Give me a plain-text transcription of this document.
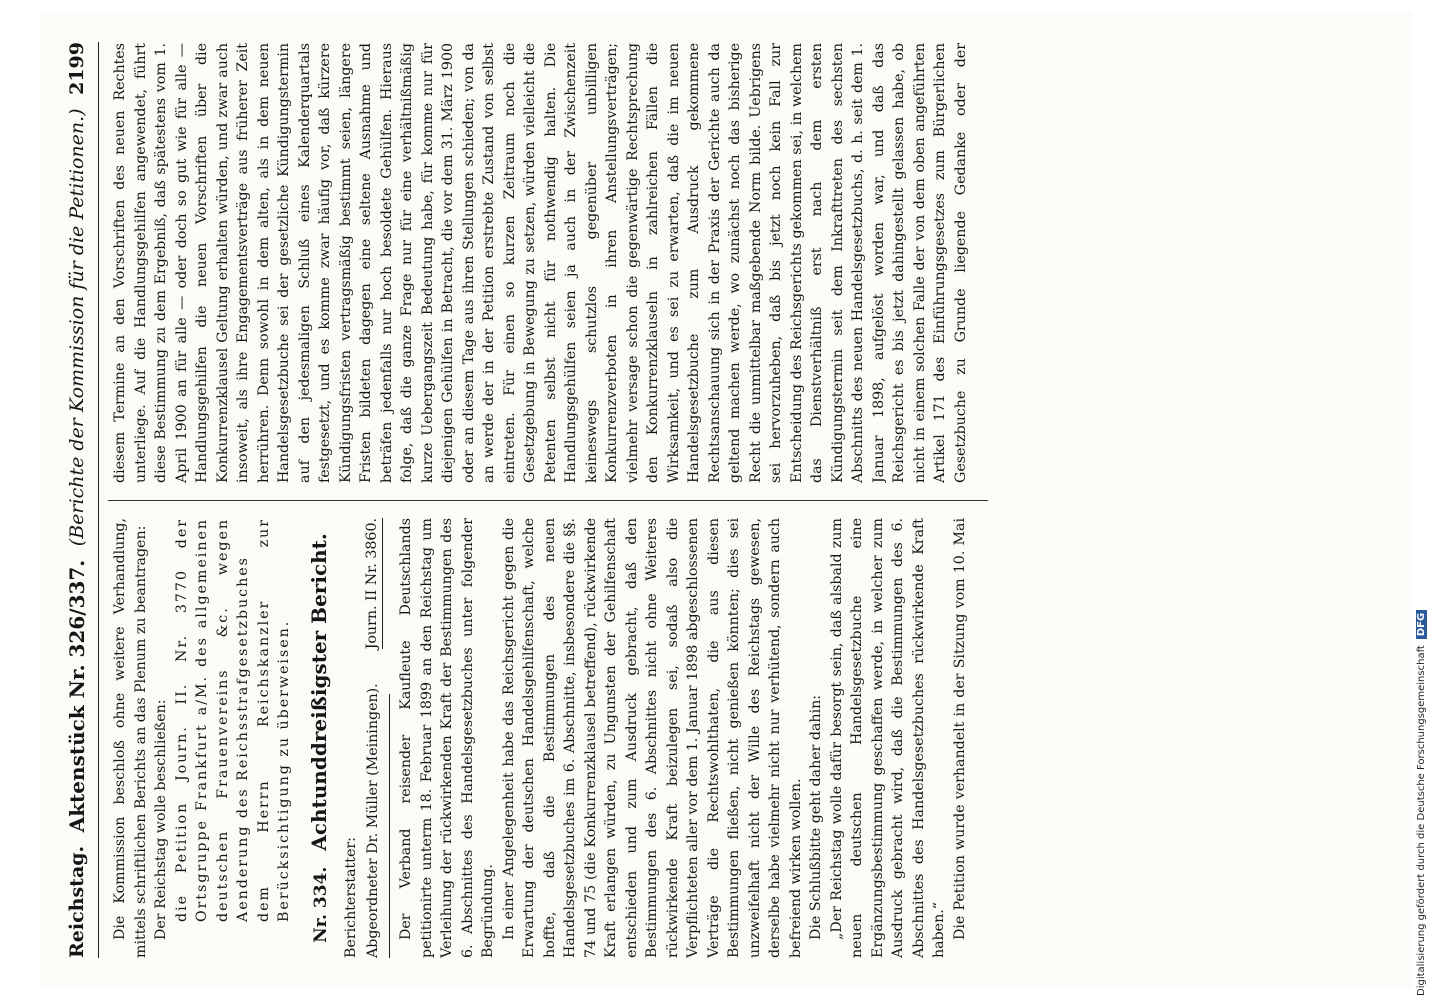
Reichstag.
Aktenstück Nr. 326/337.
(Berichte der Kommission für die Petitionen.)
2199

Die Kommission beschloß ohne weitere Verhandlung, mittels schriftlichen Berichts an das Plenum zu beantragen: Der Reichstag wolle beschließen: die Petition Journ. II. Nr. 3770 der Ortsgruppe Frankfurt a/M. des allgemeinen deutschen Frauenvereins &c. wegen Aenderung des Reichsstrafgesetzbuches dem Herrn Reichskanzler zur Berücksichtigung zu überweisen. Nr. 334.Achtunddreißigster Bericht.

Berichterstatter: Abgeordneter Dr. Müller (Meiningen).
Journ. II Nr. 3860. Der Verband reisender Kaufleute Deutschlands petitionirte unterm 18. Februar 1899 an den Reichstag um Verleihung der rückwirkenden Kraft der Bestimmungen des 6. Abschnittes des Handelsgesetzbuches unter folgender Begründung. In einer Angelegenheit habe das Reichsgericht gegen die Erwartung der deutschen Handelsgehilfenschaft, welche hoffte, daß die Bestimmungen des neuen Handelsgesetzbuches im 6. Abschnitte, insbesondere die §§. 74 und 75 (die Konkurrenzklausel betreffend), rückwirkende Kraft erlangen würden, zu Ungunsten der Gehilfenschaft entschieden und zum Ausdruck gebracht, daß den Bestimmungen des 6. Abschnittes nicht ohne Weiteres rückwirkende Kraft beizulegen sei, sodaß also die Verpflichteten aller vor dem 1. Januar 1898 abgeschlossenen Verträge die Rechtswohlthaten, die aus diesen Bestimmungen fließen, nicht genießen könnten; dies sei unzweifelhaft nicht der Wille des Reichstags gewesen, derselbe habe vielmehr nicht nur verhütend, sondern auch befreiend wirken wollen. Die Schlußbitte geht daher dahin: „Der Reichstag wolle dafür besorgt sein, daß alsbald zum neuen deutschen Handelsgesetzbuche eine Ergänzungsbestimmung geschaffen werde, in welcher zum Ausdruck gebracht wird, daß die Bestimmungen des 6. Abschnittes des Handelsgesetzbuches rückwirkende Kraft haben.“ Die Petition wurde verhandelt in der Sitzung vom 10. Mai

diesem Termine an den Vorschriften des neuen Rechtes unterliege. Auf die Handlungsgehilfen angewendet, führt diese Bestimmung zu dem Ergebniß, daß spätestens vom 1. April 1900 an für alle — oder doch so gut wie für alle — Handlungsgehilfen die neuen Vorschriften über die Konkurrenzklausel Geltung erhalten würden, und zwar auch insoweit, als ihre Engagementsverträge aus früherer Zeit herrühren. Denn sowohl in dem alten, als in dem neuen Handelsgesetzbuche sei der gesetzliche Kündigungstermin auf den jedesmaligen Schluß eines Kalenderquartals festgesetzt, und es komme zwar häufig vor, daß kürzere Kündigungsfristen vertragsmäßig bestimmt seien, längere Fristen bildeten dagegen eine seltene Ausnahme und beträfen jedenfalls nur hoch besoldete Gehülfen. Hieraus folge, daß die ganze Frage nur für eine verhältnißmäßig kurze Uebergangszeit Bedeutung habe, für komme nur für diejenigen Gehülfen in Betracht, die vor dem 31. März 1900 oder an diesem Tage aus ihren Stellungen schieden; von da an werde der in der Petition erstrebte Zustand von selbst eintreten. Für einen so kurzen Zeitraum noch die Gesetzgebung in Bewegung zu setzen, würden vielleicht die Petenten selbst nicht für nothwendig halten. Die Handlungsgehülfen seien ja auch in der Zwischenzeit keineswegs schutzlos gegenüber unbilligen Konkurrenzverboten in ihren Anstellungsverträgen; vielmehr versage schon die gegenwärtige Rechtsprechung den Konkurrenzklauseln in zahlreichen Fällen die Wirksamkeit, und es sei zu erwarten, daß die im neuen Handelsgesetzbuche zum Ausdruck gekommene Rechtsanschauung sich in der Praxis der Gerichte auch da geltend machen werde, wo zunächst noch das bisherige Recht die unmittelbar maßgebende Norm bilde. Uebrigens sei hervorzuheben, daß bis jetzt noch kein Fall zur Entscheidung des Reichsgerichts gekommen sei, in welchem das Dienstverhältniß erst nach dem ersten Kündigungstermin seit dem Inkrafttreten des sechsten Abschnitts des neuen Handelsgesetzbuchs, d. h. seit dem 1. Januar 1898, aufgelöst worden war, und daß das Reichsgericht es bis jetzt dahingestellt gelassen habe, ob nicht in einem solchen Falle der von dem oben angeführten Artikel 171 des Einführungsgesetzes zum Bürgerlichen Gesetzbuche zu Grunde liegende Gedanke oder der

Digitalisierung gefördert durch die Deutsche ForschungsgemeinschaftDFG
